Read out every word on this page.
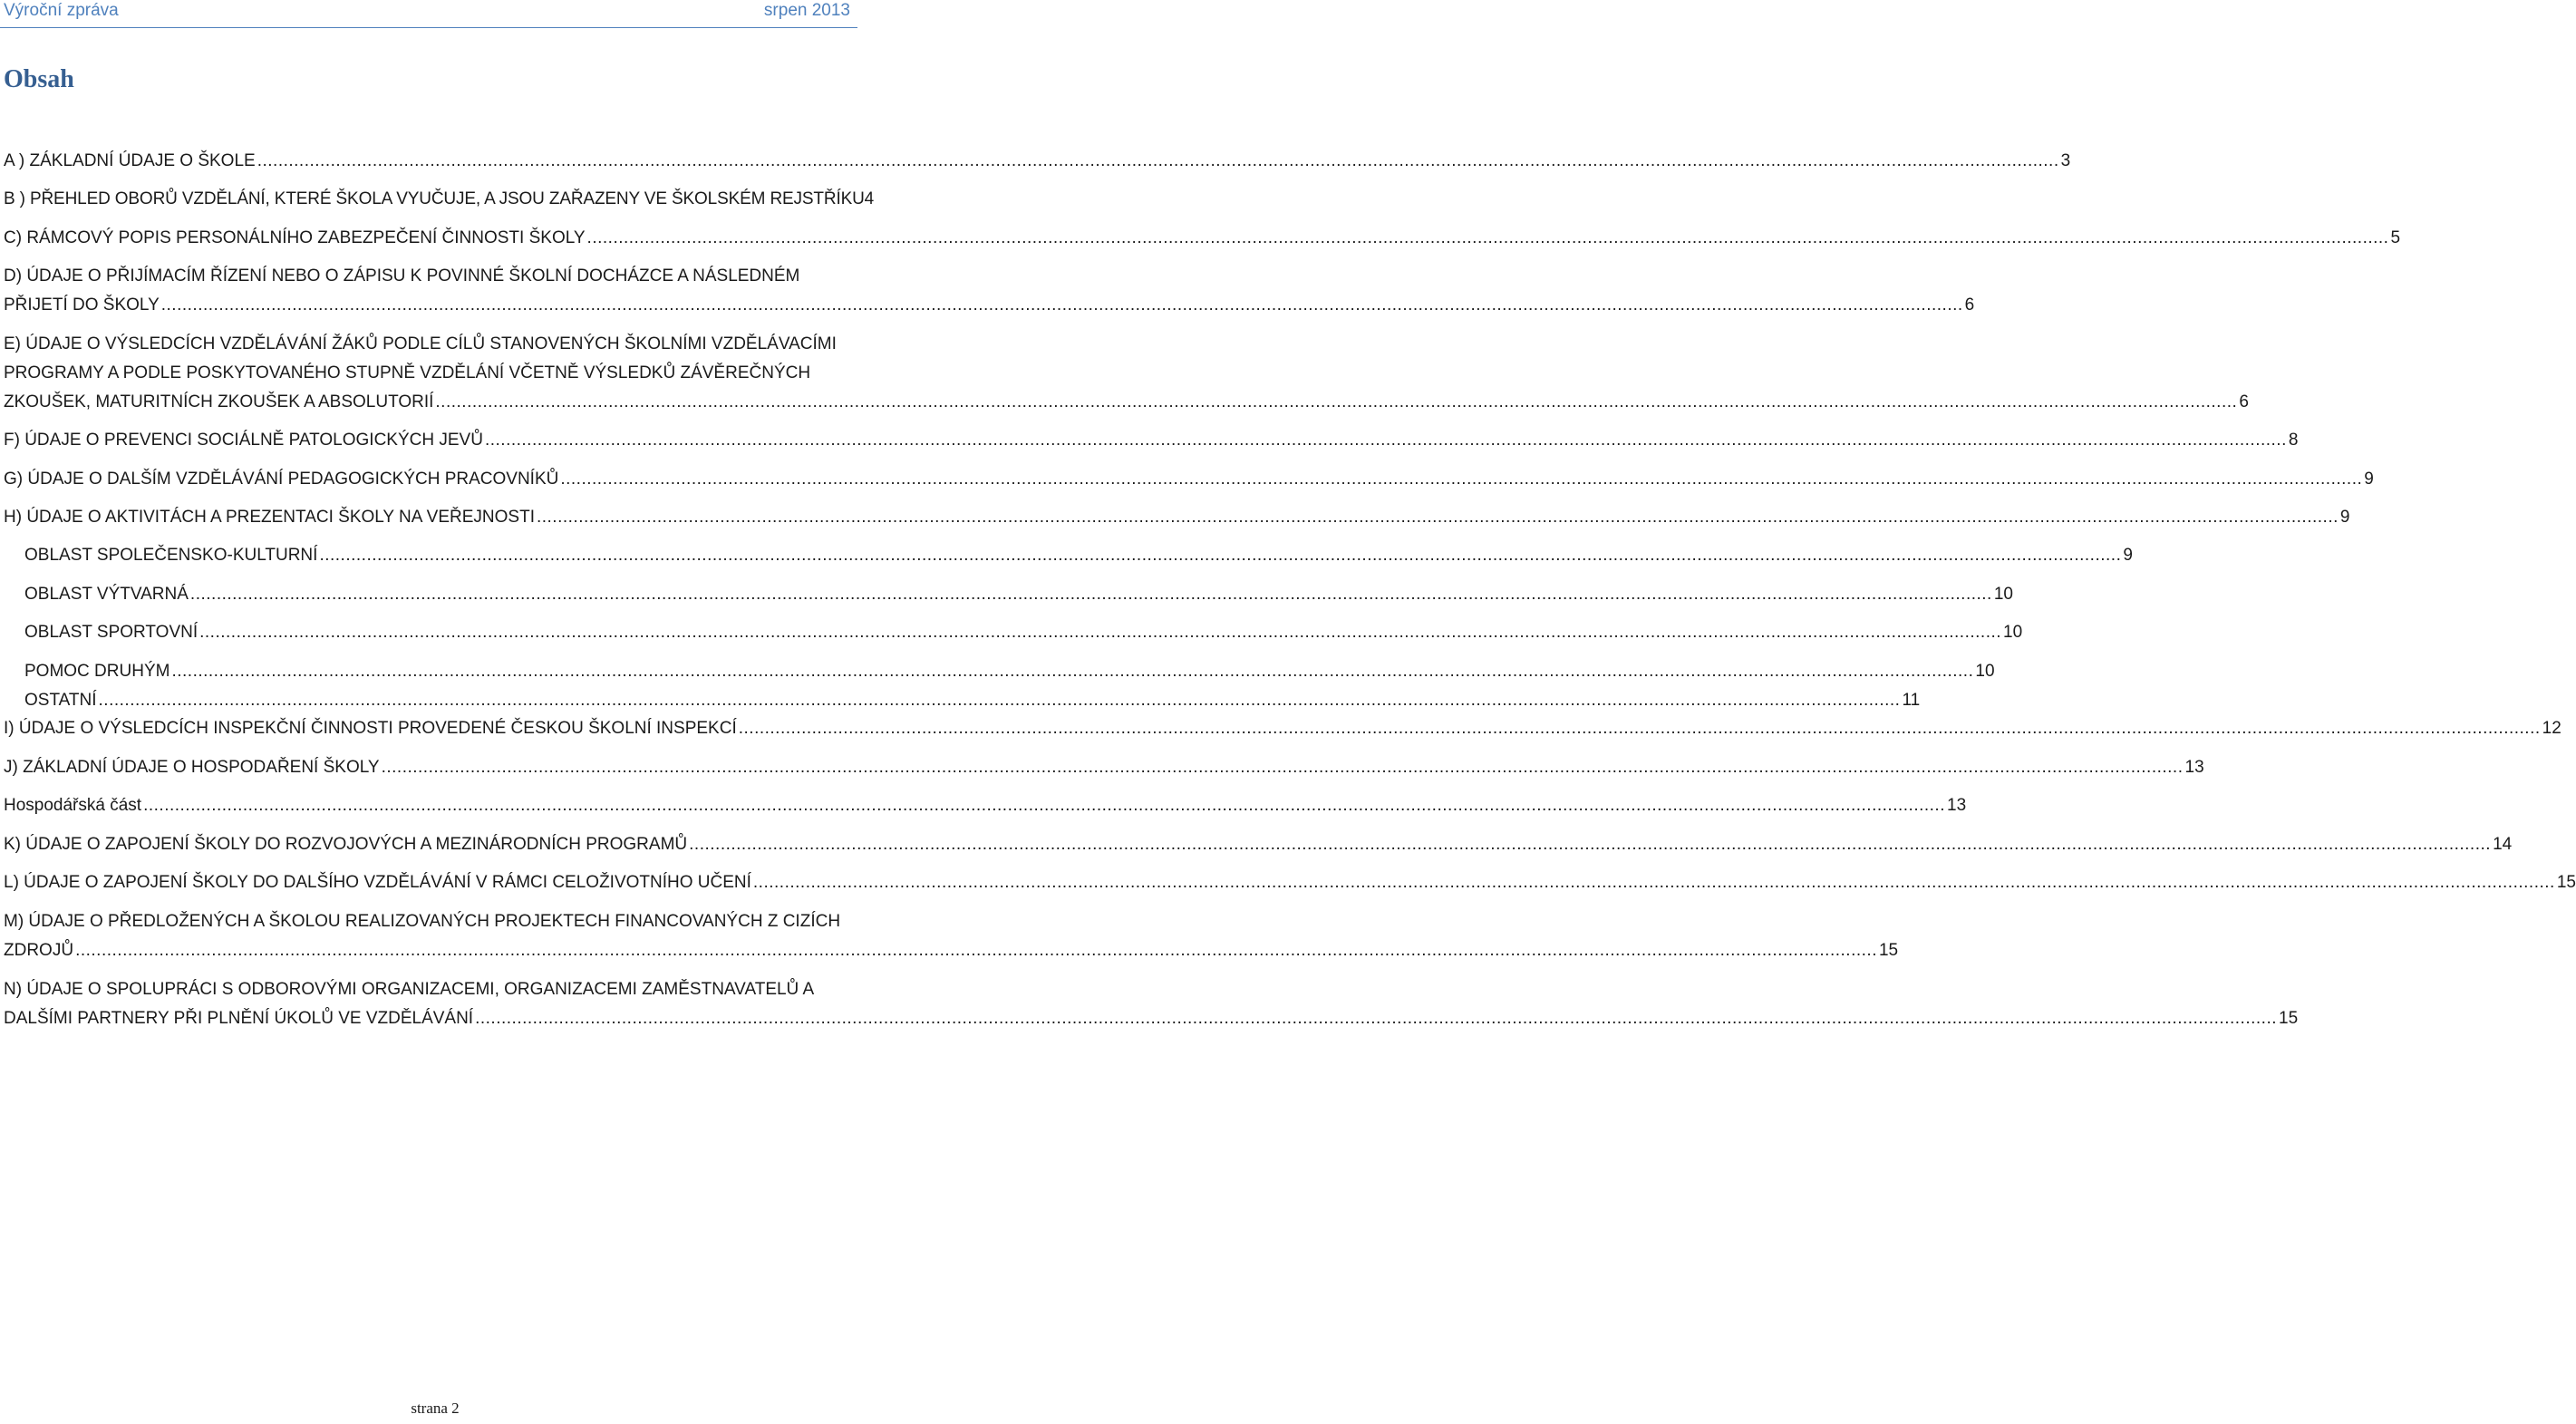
Výroční zpráva	srpen 2013
Obsah
A ) ZÁKLADNÍ ÚDAJE O ŠKOLE .....	3
B ) PŘEHLED OBORŮ VZDĚLÁNÍ, KTERÉ ŠKOLA VYUČUJE, A JSOU ZAŘAZENY VE ŠKOLSKÉM REJSTŘÍKU 4
C) RÁMCOVÝ POPIS PERSONÁLNÍHO ZABEZPEČENÍ ČINNOSTI ŠKOLY .....	5
D) ÚDAJE O PŘIJÍMACÍM ŘÍZENÍ NEBO O ZÁPISU K POVINNÉ ŠKOLNÍ DOCHÁZCE A NÁSLEDNÉM
PŘIJETÍ DO ŠKOLY .....	6
E) ÚDAJE O VÝSLEDCÍCH VZDĚLÁVÁNÍ ŽÁKŮ PODLE CÍLŮ STANOVENÝCH ŠKOLNÍMI VZDĚLÁVACÍMI
PROGRAMY A PODLE POSKYTOVANÉHO STUPNĚ VZDĚLÁNÍ VČETNĚ VÝSLEDKŮ ZÁVĚREČNÝCH
ZKOUŠEK, MATURITNÍCH ZKOUŠEK A ABSOLUTORIÍ .....	6
F) ÚDAJE O PREVENCI SOCIÁLNĚ PATOLOGICKÝCH JEVŮ .....	8
G) ÚDAJE O DALŠÍM VZDĚLÁVÁNÍ PEDAGOGICKÝCH PRACOVNÍKŮ .....	9
H) ÚDAJE O AKTIVITÁCH A PREZENTACI ŠKOLY NA VEŘEJNOSTI .....	9
OBLAST SPOLEČENSKO-KULTURNÍ .....	9
OBLAST VÝTVARNÁ .....	10
OBLAST SPORTOVNÍ .....	10
POMOC DRUHÝM .....	10
OSTATNÍ .....	11
I) ÚDAJE O VÝSLEDCÍCH INSPEKČNÍ ČINNOSTI PROVEDENÉ ČESKOU ŠKOLNÍ INSPEKCÍ .....	12
J) ZÁKLADNÍ ÚDAJE O HOSPODAŘENÍ ŠKOLY .....	13
Hospodářská část .....	13
K) ÚDAJE O ZAPOJENÍ ŠKOLY DO ROZVOJOVÝCH A MEZINÁRODNÍCH PROGRAMŮ .....	14
L) ÚDAJE O ZAPOJENÍ ŠKOLY DO DALŠÍHO VZDĚLÁVÁNÍ V RÁMCI CELOŽIVOTNÍHO UČENÍ .....	15
M) ÚDAJE O PŘEDLOŽENÝCH A ŠKOLOU REALIZOVANÝCH PROJEKTECH FINANCOVANÝCH Z CIZÍCH
ZDROJŮ .....	15
N) ÚDAJE O SPOLUPRÁCI S ODBOROVÝMI ORGANIZACEMI, ORGANIZACEMI ZAMĚSTNAVATELŮ A
DALŠÍMI PARTNERY PŘI PLNĚNÍ ÚKOLŮ VE VZDĚLÁVÁNÍ .....	15
strana 2
